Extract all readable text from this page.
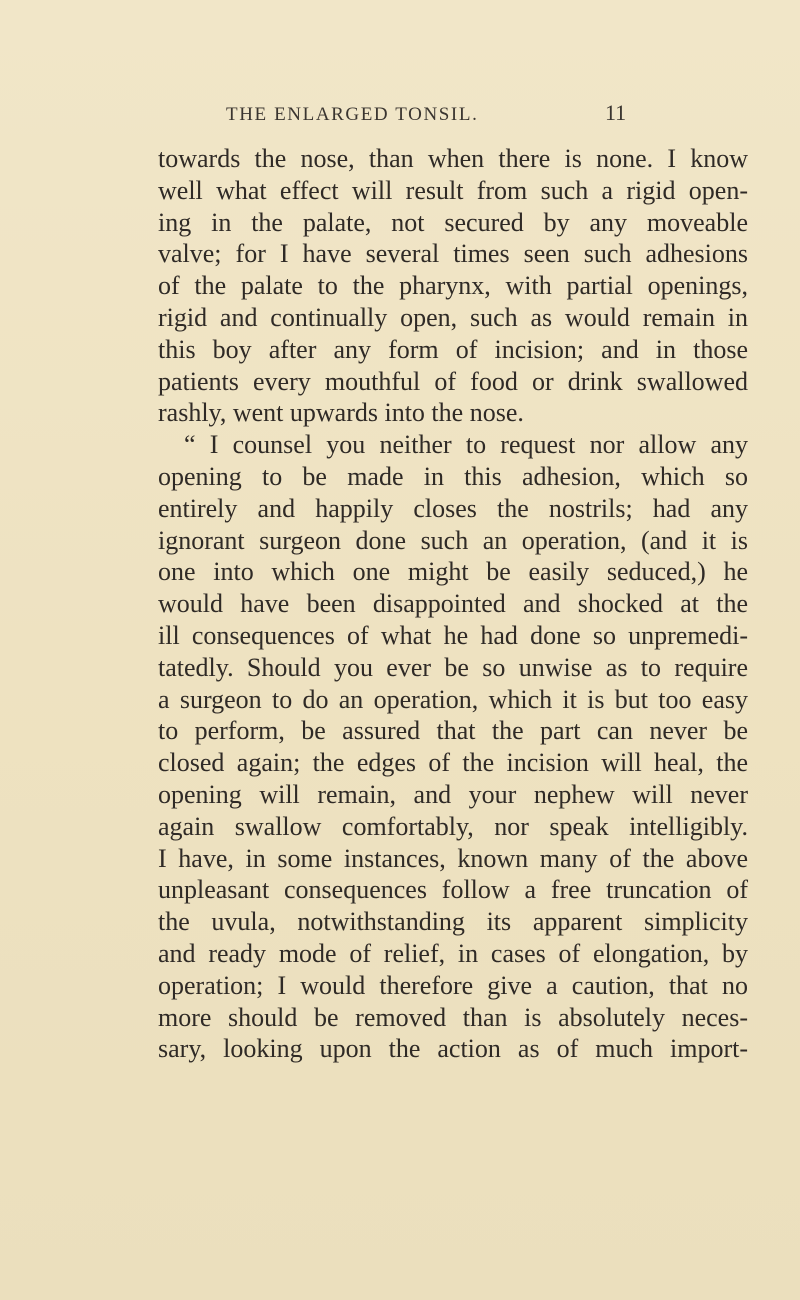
THE ENLARGED TONSIL.	11
towards the nose, than when there is none. I know
well what effect will result from such a rigid open-
ing in the palate, not secured by any moveable
valve; for I have several times seen such adhesions
of the palate to the pharynx, with partial openings,
rigid and continually open, such as would remain in
this boy after any form of incision; and in those
patients every mouthful of food or drink swallowed
rashly, went upwards into the nose.
“ I counsel you neither to request nor allow any
opening to be made in this adhesion, which so
entirely and happily closes the nostrils; had any
ignorant surgeon done such an operation, (and it is
one into which one might be easily seduced,) he
would have been disappointed and shocked at the
ill consequences of what he had done so unpremedi-
tatedly. Should you ever be so unwise as to require
a surgeon to do an operation, which it is but too easy
to perform, be assured that the part can never be
closed again; the edges of the incision will heal, the
opening will remain, and your nephew will never
again swallow comfortably, nor speak intelligibly.
I have, in some instances, known many of the above
unpleasant consequences follow a free truncation of
the uvula, notwithstanding its apparent simplicity
and ready mode of relief, in cases of elongation, by
operation; I would therefore give a caution, that no
more should be removed than is absolutely neces-
sary, looking upon the action as of much import-
